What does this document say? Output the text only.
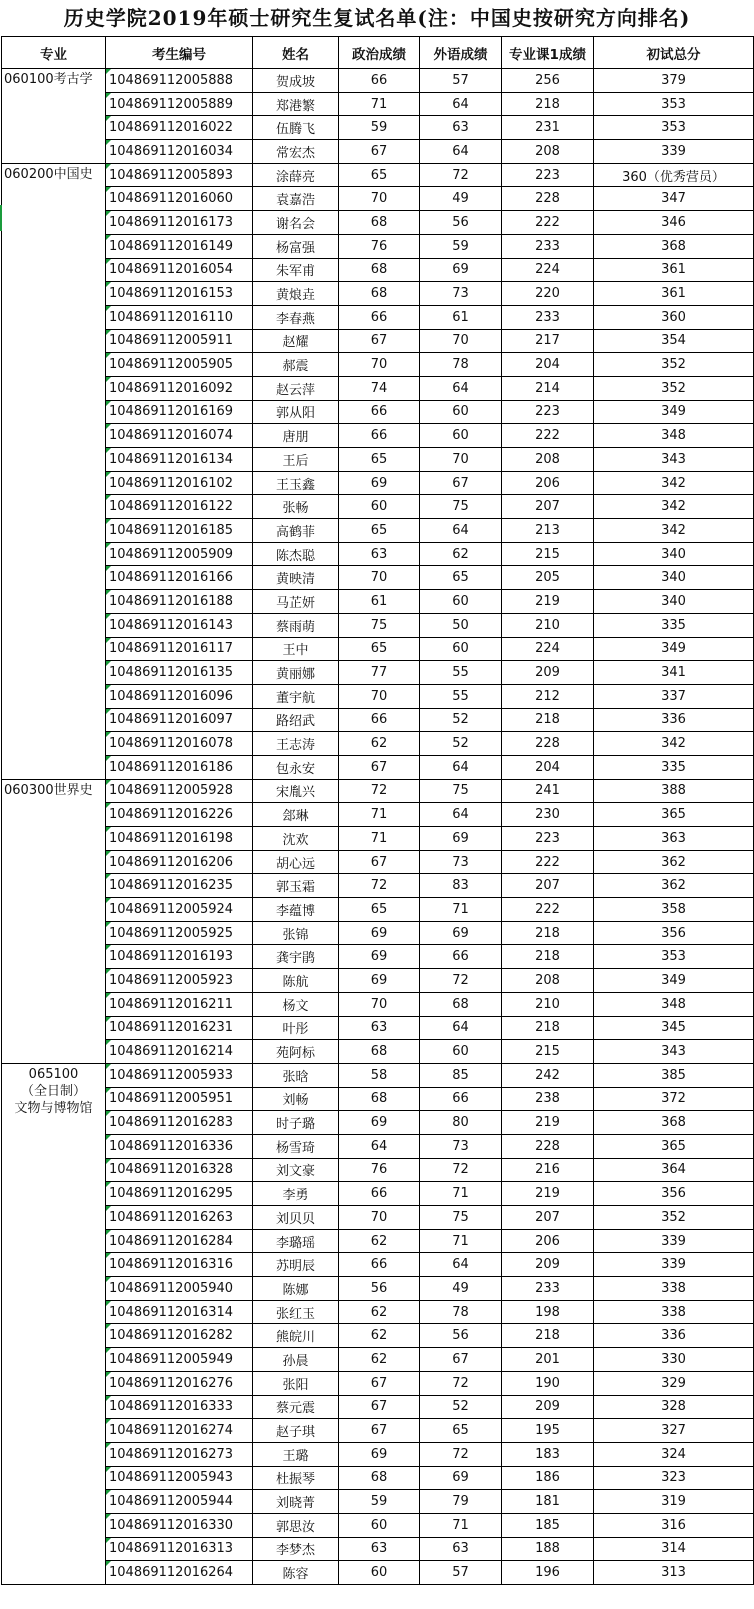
历史学院2019年硕士研究生复试名单(注：中国史按研究方向排名)
专业	考生编号	姓名	政治成绩	外语成绩	专业课1成绩	初试总分
060100考古学	104869112005888	贺成坡	66	57	256	379
	104869112005889	郑港繁	71	64	218	353
	104869112016022	伍腾飞	59	63	231	353
	104869112016034	常宏杰	67	64	208	339
060200中国史	104869112005893	涂薛亮	65	72	223	360（优秀营员）
	104869112016060	袁嘉浩	70	49	228	347
	104869112016173	谢名会	68	56	222	346
	104869112016149	杨富强	76	59	233	368
	104869112016054	朱军甫	68	69	224	361
	104869112016153	黄烺垚	68	73	220	361
	104869112016110	李春燕	66	61	233	360
	104869112005911	赵耀	67	70	217	354
	104869112005905	郝震	70	78	204	352
	104869112016092	赵云萍	74	64	214	352
	104869112016169	郭从阳	66	60	223	349
	104869112016074	唐朋	66	60	222	348
	104869112016134	王后	65	70	208	343
	104869112016102	王玉鑫	69	67	206	342
	104869112016122	张畅	60	75	207	342
	104869112016185	高鹤菲	65	64	213	342
	104869112005909	陈杰聪	63	62	215	340
	104869112016166	黄映清	70	65	205	340
	104869112016188	马芷妍	61	60	219	340
	104869112016143	蔡雨萌	75	50	210	335
	104869112016117	王中	65	60	224	349
	104869112016135	黄丽娜	77	55	209	341
	104869112016096	董宇航	70	55	212	337
	104869112016097	路绍武	66	52	218	336
	104869112016078	王志涛	62	52	228	342
	104869112016186	包永安	67	64	204	335
060300世界史	104869112005928	宋胤兴	72	75	241	388
	104869112016226	郐琳	71	64	230	365
	104869112016198	沈欢	71	69	223	363
	104869112016206	胡心远	67	73	222	362
	104869112016235	郭玉霜	72	83	207	362
	104869112005924	李蕴博	65	71	222	358
	104869112005925	张锦	69	69	218	356
	104869112016193	龚宇鹃	69	66	218	353
	104869112005923	陈航	69	72	208	349
	104869112016211	杨文	70	68	210	348
	104869112016231	叶彤	63	64	218	345
	104869112016214	苑阿标	68	60	215	343

065100
（全日制）
文物与博物馆	104869112005933	张晗	58	85	242	385
	104869112005951	刘畅	68	66	238	372
	104869112016283	时子璐	69	80	219	368
	104869112016336	杨雪琦	64	73	228	365
	104869112016328	刘文豪	76	72	216	364
	104869112016295	李勇	66	71	219	356
	104869112016263	刘贝贝	70	75	207	352
	104869112016284	李璐瑶	62	71	206	339
	104869112016316	苏明辰	66	64	209	339
	104869112005940	陈娜	56	49	233	338
	104869112016314	张红玉	62	78	198	338
	104869112016282	熊皖川	62	56	218	336
	104869112005949	孙晨	62	67	201	330
	104869112016276	张阳	67	72	190	329
	104869112016333	蔡元震	67	52	209	328
	104869112016274	赵子琪	67	65	195	327
	104869112016273	王璐	69	72	183	324
	104869112005943	杜振琴	68	69	186	323
	104869112005944	刘晓菁	59	79	181	319
	104869112016330	郭思汝	60	71	185	316
	104869112016313	李梦杰	63	63	188	314
	104869112016264	陈容	60	57	196	313
